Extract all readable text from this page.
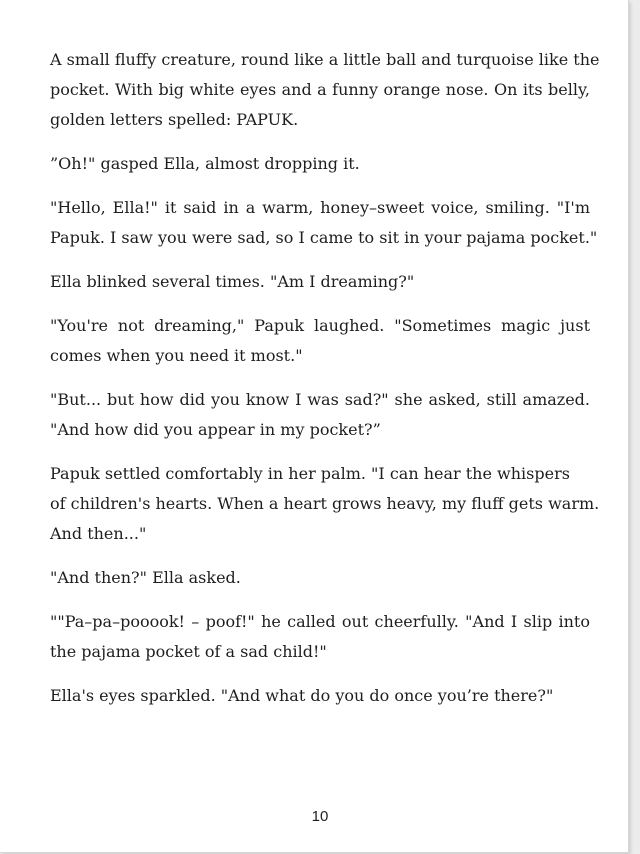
A small fluffy creature, round like a little ball and turquoise like the
pocket. With big white eyes and a funny orange nose. On its belly,
golden letters spelled: PAPUK.

”Oh!" gasped Ella, almost dropping it.

"Hello, Ella!" it said in a warm, honey–sweet voice, smiling. "I'm
Papuk. I saw you were sad, so I came to sit in your pajama pocket."

Ella blinked several times. "Am I dreaming?"

"You're not dreaming," Papuk laughed. "Sometimes magic just
comes when you need it most."

"But... but how did you know I was sad?" she asked, still amazed.
"And how did you appear in my pocket?”

Papuk settled comfortably in her palm. "I can hear the whispers
of children's hearts. When a heart grows heavy, my fluff gets warm.
And then..."

"And then?" Ella asked.

""Pa–pa–pooook! – poof!" he called out cheerfully. "And I slip into
the pajama pocket of a sad child!"

Ella's eyes sparkled. "And what do you do once you’re there?"

10
